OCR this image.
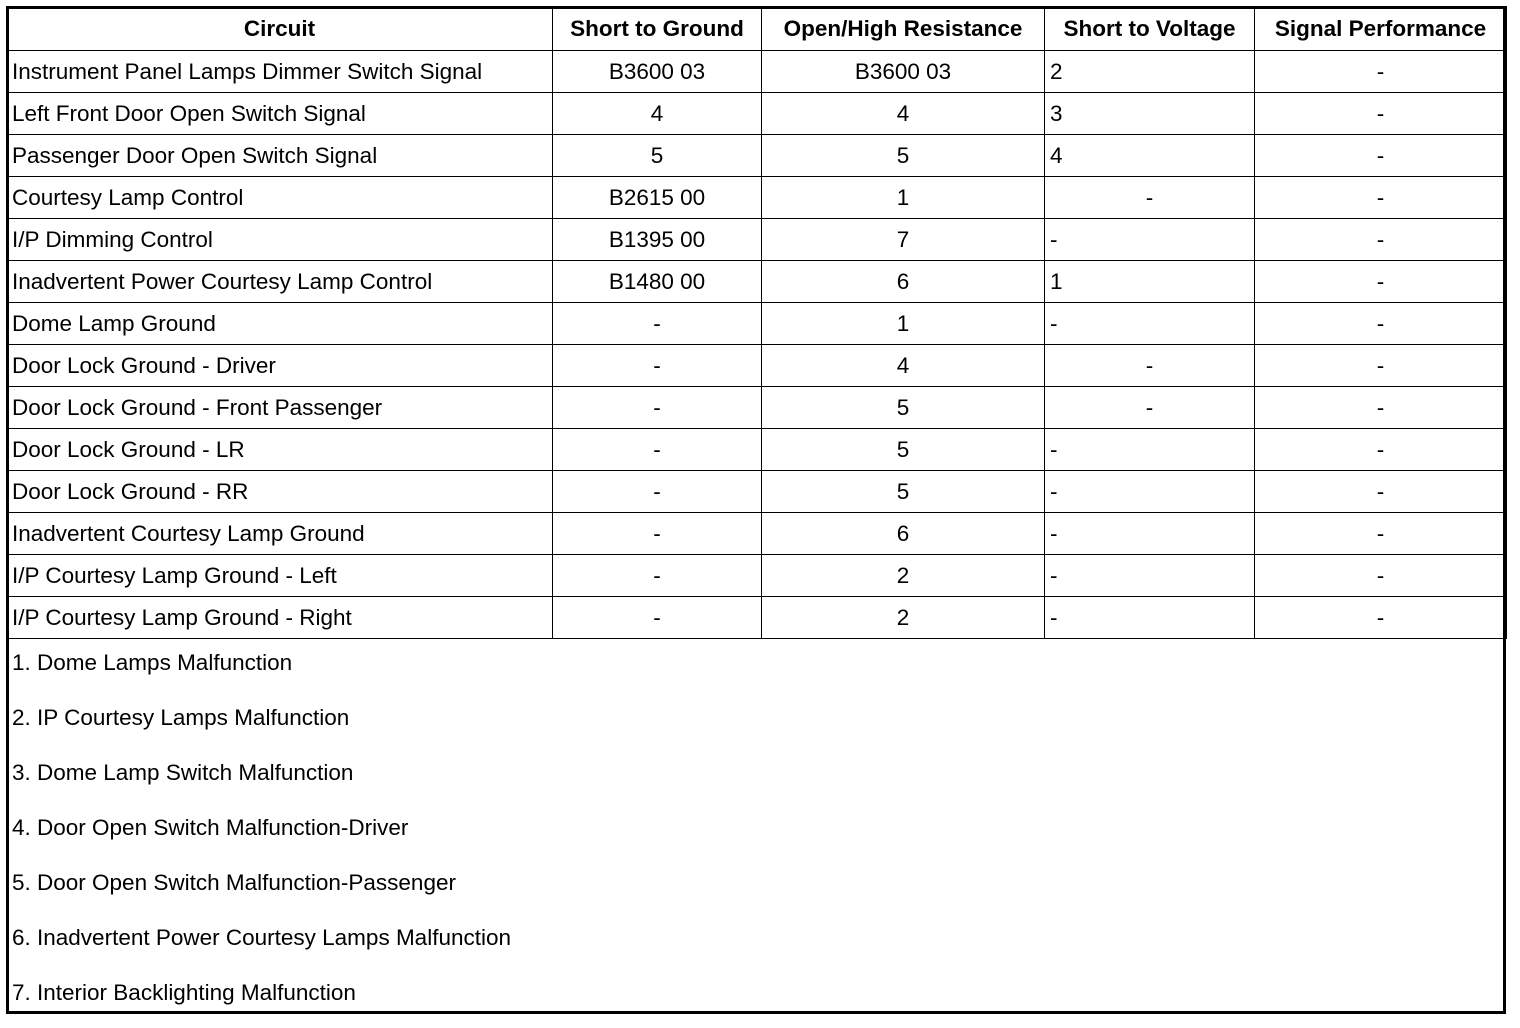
Circuit	Short to Ground	Open/High Resistance	Short to Voltage	Signal Performance
Instrument Panel Lamps Dimmer Switch Signal	B3600 03	B3600 03	2	-
Left Front Door Open Switch Signal	4	4	3	-
Passenger Door Open Switch Signal	5	5	4	-
Courtesy Lamp Control	B2615 00	1	-	-
I/P Dimming Control	B1395 00	7	-	-
Inadvertent Power Courtesy Lamp Control	B1480 00	6	1	-
Dome Lamp Ground	-	1	-	-
Door Lock Ground - Driver	-	4	-	-
Door Lock Ground - Front Passenger	-	5	-	-
Door Lock Ground - LR	-	5	-	-
Door Lock Ground - RR	-	5	-	-
Inadvertent Courtesy Lamp Ground	-	6	-	-
I/P Courtesy Lamp Ground - Left	-	2	-	-
I/P Courtesy Lamp Ground - Right	-	2	-	-
1. Dome Lamps Malfunction
2. IP Courtesy Lamps Malfunction
3. Dome Lamp Switch Malfunction
4. Door Open Switch Malfunction-Driver
5. Door Open Switch Malfunction-Passenger
6. Inadvertent Power Courtesy Lamps Malfunction
7. Interior Backlighting Malfunction
